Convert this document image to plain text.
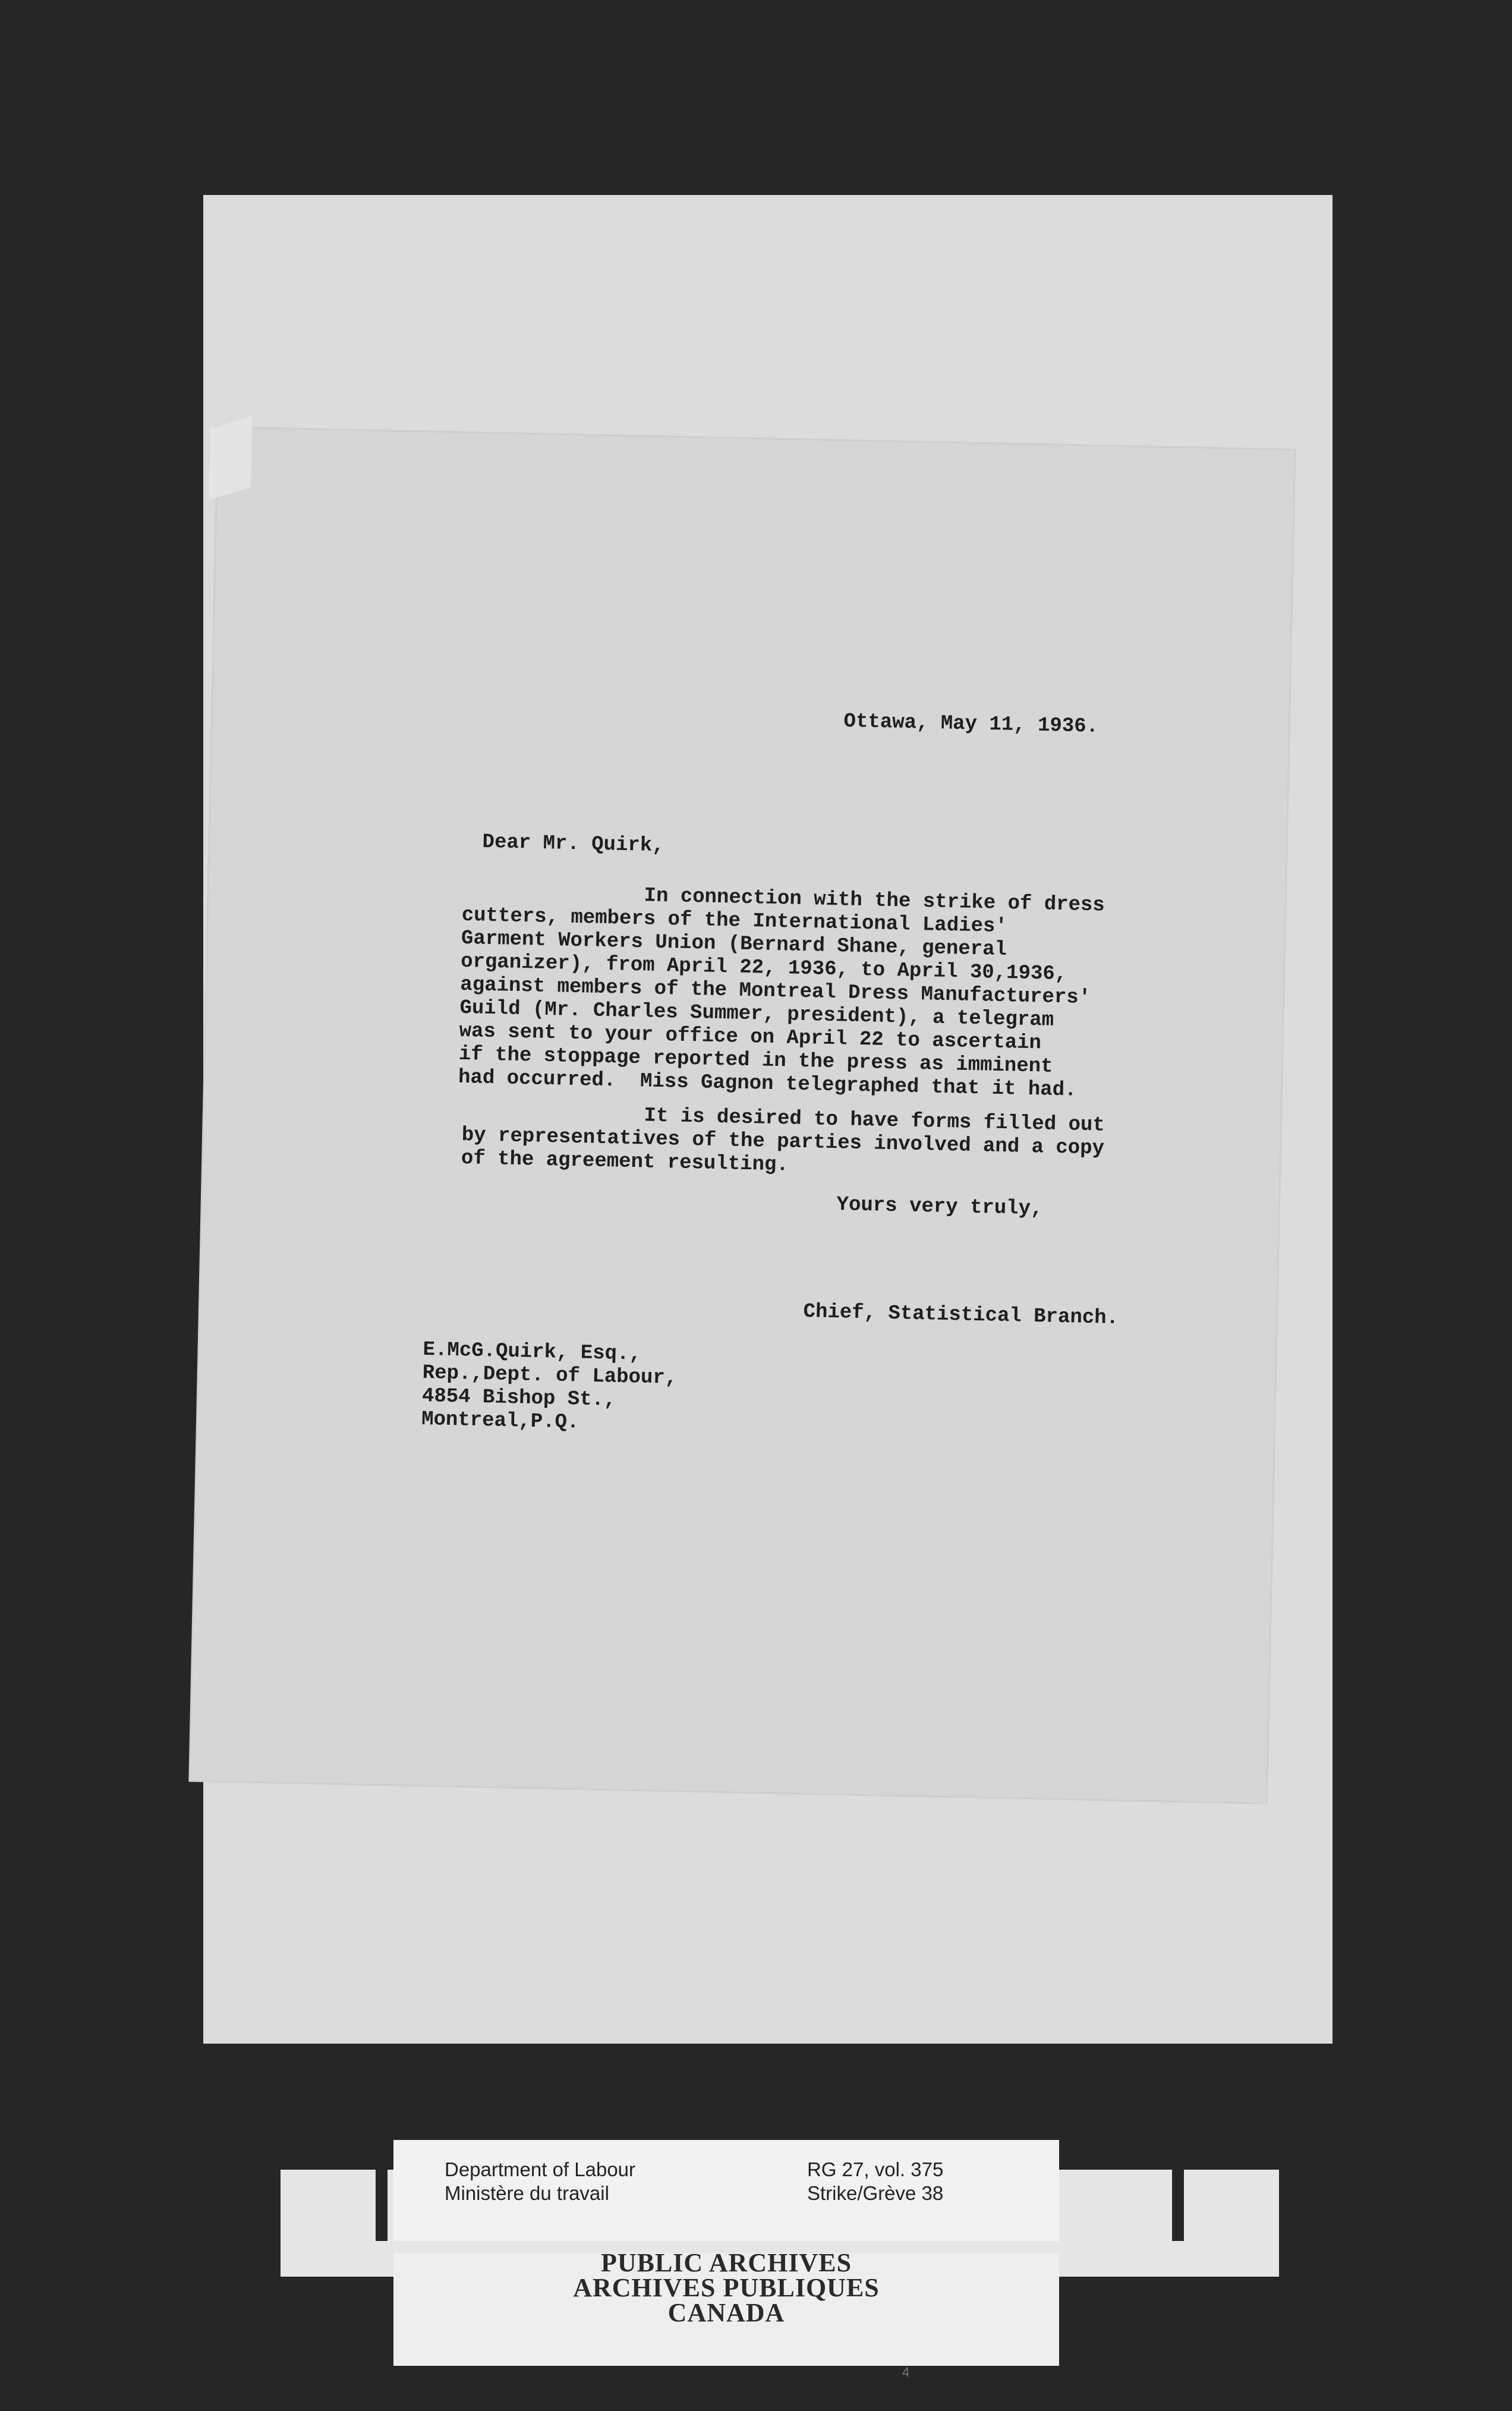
Ottawa, May 11, 1936.
Dear Mr. Quirk,
In connection with the strike of dress
cutters, members of the International Ladies'
Garment Workers Union (Bernard Shane, general
organizer), from April 22, 1936, to April 30,1936,
against members of the Montreal Dress Manufacturers'
Guild (Mr. Charles Summer, president), a telegram
was sent to your office on April 22 to ascertain
if the stoppage reported in the press as imminent
had occurred.  Miss Gagnon telegraphed that it had.
It is desired to have forms filled out
by representatives of the parties involved and a copy
of the agreement resulting.
Yours very truly,
Chief, Statistical Branch.
E.McG.Quirk, Esq.,
Rep.,Dept. of Labour,
4854 Bishop St.,
Montreal,P.Q.
Department of Labour
Ministère du travail
RG 27, vol. 375
Strike/Grève 38
PUBLIC ARCHIVES
ARCHIVES PUBLIQUES
CANADA
4
